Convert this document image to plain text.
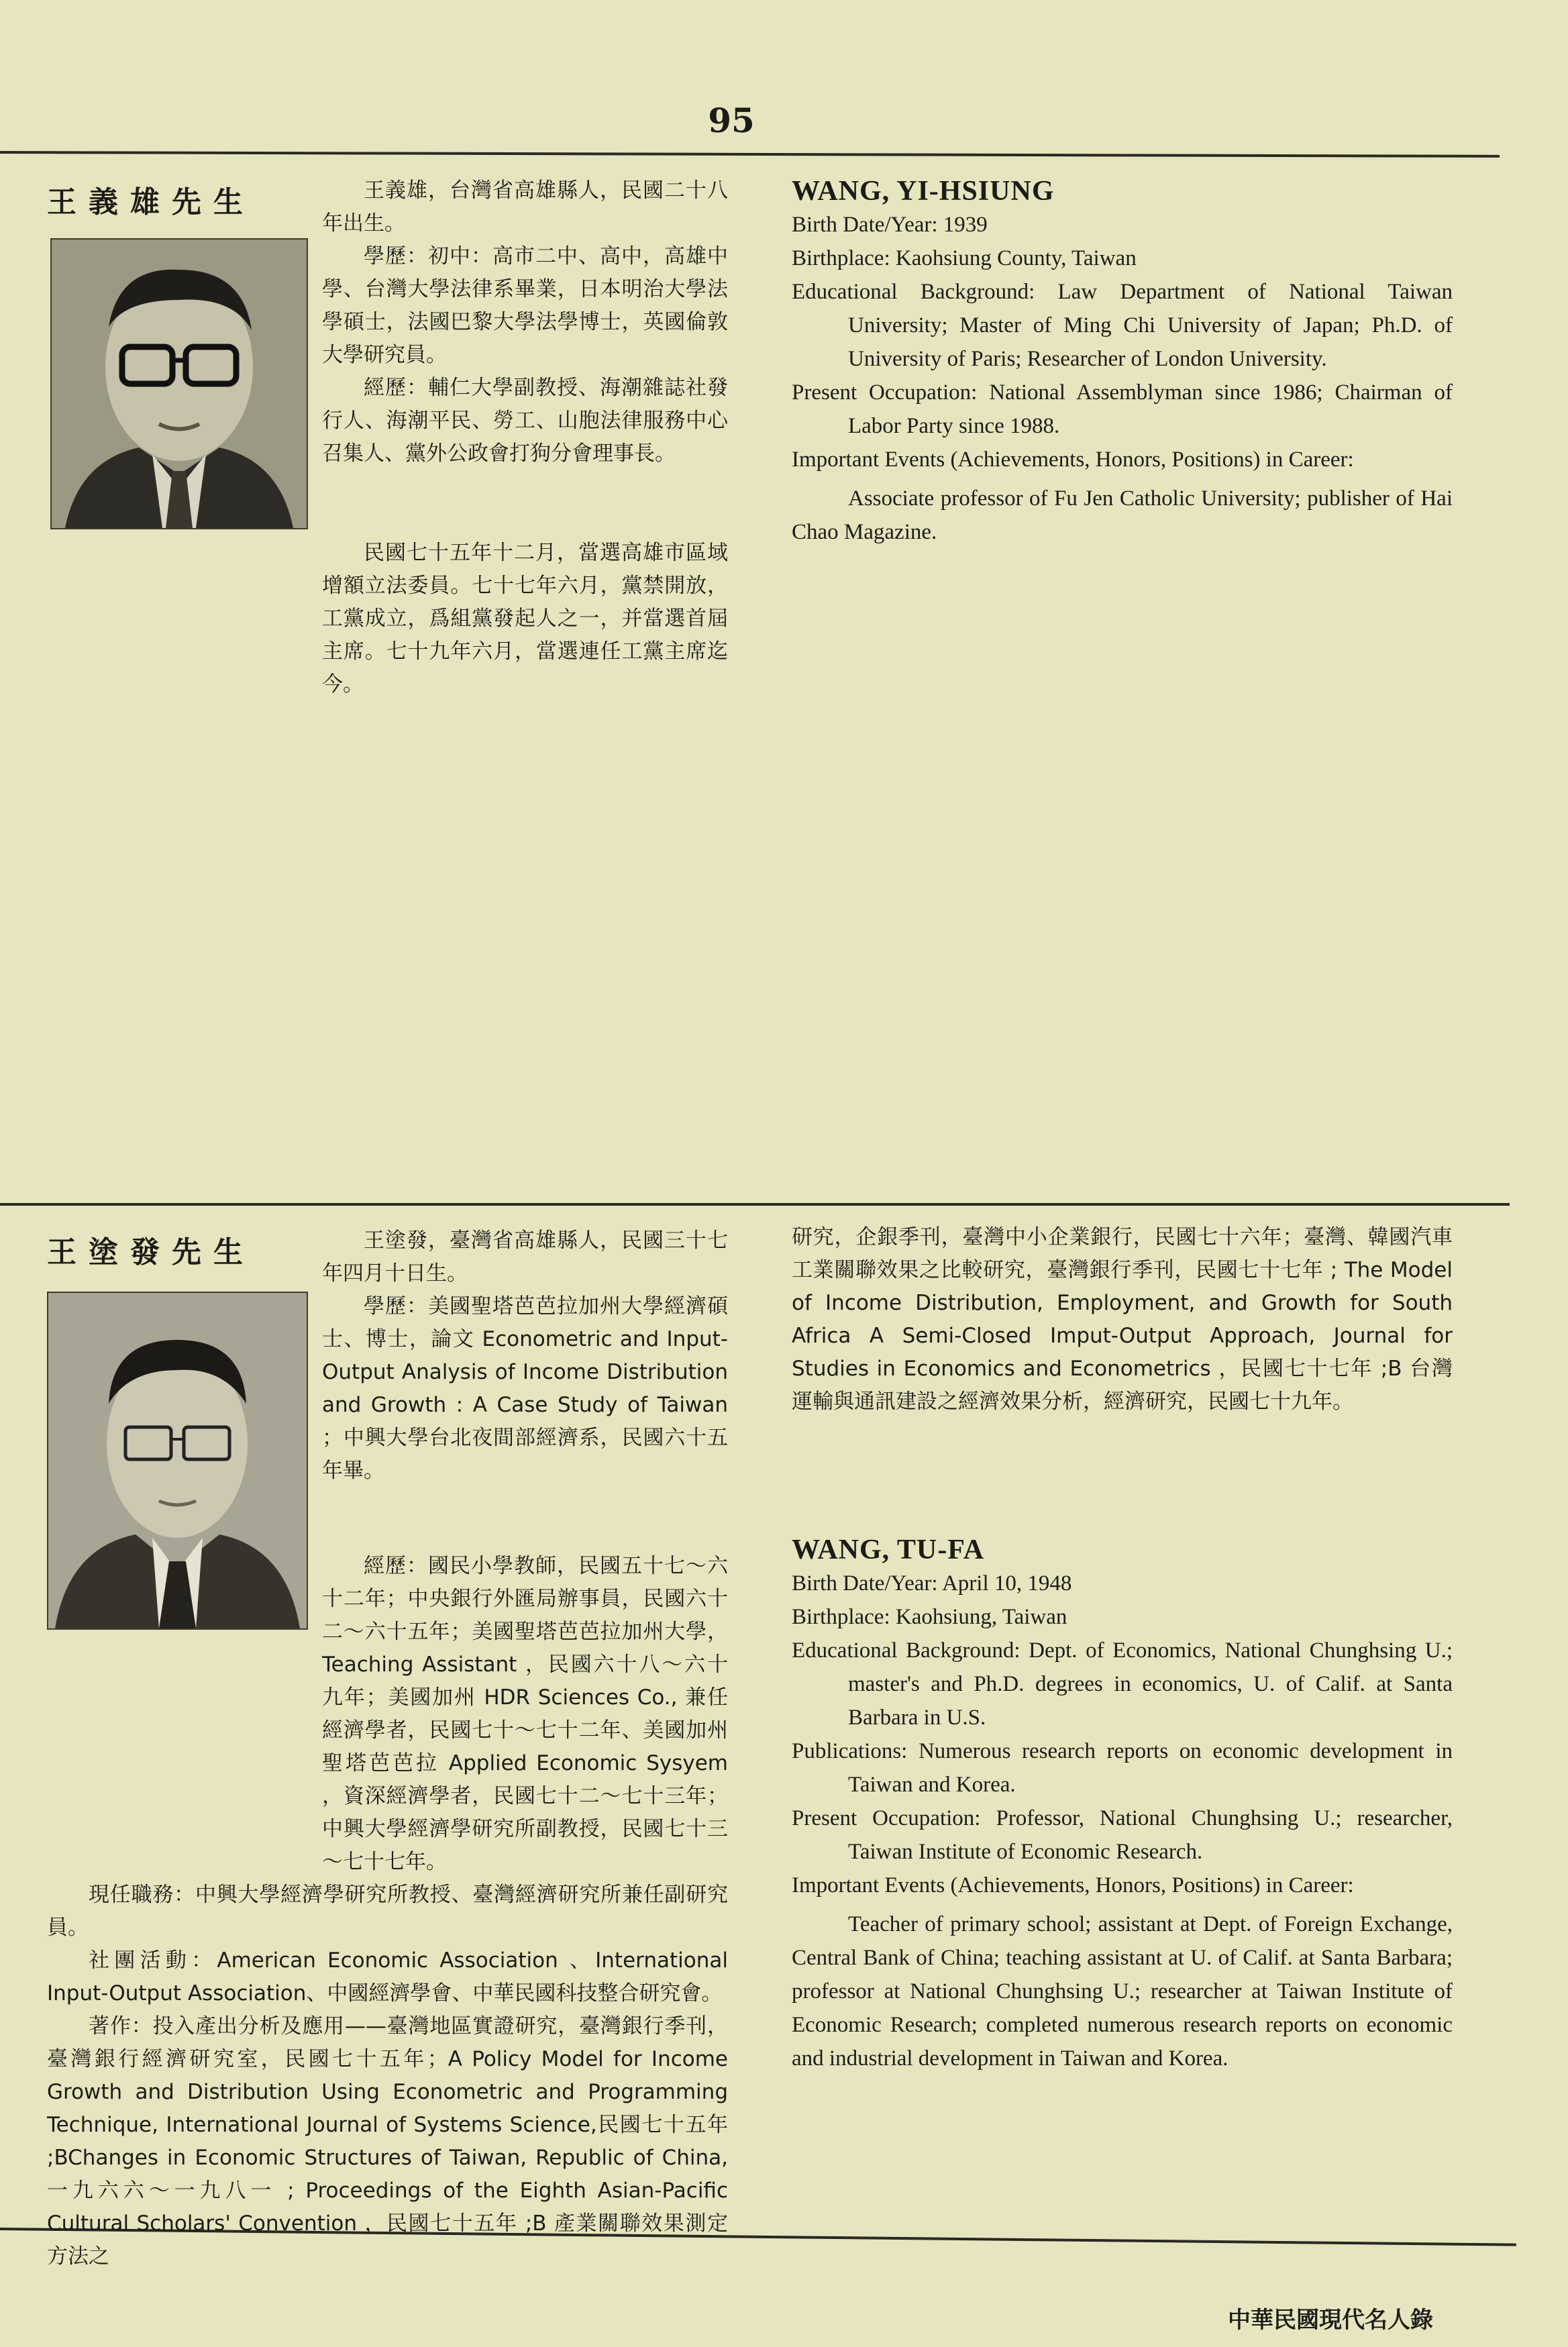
95
王義雄先生	王義雄，台灣省高雄縣人，民國二十八年出生。

學歷：初中：高市二中、高中，高雄中學、台灣大學法律系畢業，日本明治大學法學碩士，法國巴黎大學法學博士，英國倫敦大學研究員。

經歷：輔仁大學副教授、海潮雜誌社發行人、海潮平民、勞工、山胞法律服務中心召集人、黨外公政會打狗分會理事長。

民國七十五年十二月，當選高雄市區域增額立法委員。七十七年六月，黨禁開放，工黨成立，爲組黨發起人之一，并當選首屆主席。七十九年六月，當選連任工黨主席迄今。

WANG, YI-HSIUNG

Birth Date/Year: 1939

Birthplace: Kaohsiung County, Taiwan

Educational Background: Law Department of National Taiwan University; Master of Ming Chi University of Japan; Ph.D. of University of Paris; Researcher of London University.

Present Occupation: National Assemblyman since 1986; Chairman of Labor Party since 1988.

Important Events (Achievements, Honors, Positions) in Career:

Associate professor of Fu Jen Catholic University; publisher of Hai Chao Magazine.

王塗發先生	王塗發，臺灣省高雄縣人，民國三十七年四月十日生。

學歷：美國聖塔芭芭拉加州大學經濟碩士、博士，論文 Econometric and Input-Output Analysis of Income Distribution and Growth : A Case Study of Taiwan ；中興大學台北夜間部經濟系，民國六十五年畢。

經歷：國民小學教師，民國五十七～六十二年；中央銀行外匯局辦事員，民國六十二～六十五年；美國聖塔芭芭拉加州大學， Teaching Assistant ，民國六十八～六十九年；美國加州 HDR Sciences Co., 兼任經濟學者，民國七十～七十二年、美國加州聖塔芭芭拉 Applied Economic Sysyem ，資深經濟學者，民國七十二～七十三年；中興大學經濟學研究所副教授，民國七十三～七十七年。

現任職務：中興大學經濟學研究所教授、臺灣經濟研究所兼任副研究員。

社團活動：American Economic Association 、International Input-Output Association、中國經濟學會、中華民國科技整合研究會。

著作：投入產出分析及應用——臺灣地區實證研究，臺灣銀行季刊，臺灣銀行經濟研究室，民國七十五年；A Policy Model for Income Growth and Distribution Using Econometric and Programming Technique, International Journal of Systems Science,民國七十五年 ;BChanges in Economic Structures of Taiwan, Republic of China, 一九六六～一九八一 ; Proceedings of the Eighth Asian-Pacific Cultural Scholars' Convention ，民國七十五年 ;B 產業關聯效果測定方法之

研究，企銀季刊，臺灣中小企業銀行，民國七十六年；臺灣、韓國汽車工業關聯效果之比較研究，臺灣銀行季刊，民國七十七年 ; The Model of Income Distribution, Employment, and Growth for South Africa A Semi-Closed Imput-Output Approach, Journal for Studies in Economics and Econometrics ，民國七十七年 ;B 台灣運輸與通訊建設之經濟效果分析，經濟研究，民國七十九年。

WANG, TU-FA

Birth Date/Year: April 10, 1948

Birthplace: Kaohsiung, Taiwan

Educational Background: Dept. of Economics, National Chunghsing U.; master's and Ph.D. degrees in economics, U. of Calif. at Santa Barbara in U.S.

Publications: Numerous research reports on economic development in Taiwan and Korea.

Present Occupation: Professor, National Chunghsing U.; researcher, Taiwan Institute of Economic Research.

Important Events (Achievements, Honors, Positions) in Career:

Teacher of primary school; assistant at Dept. of Foreign Exchange, Central Bank of China; teaching assistant at U. of Calif. at Santa Barbara; professor at National Chunghsing U.; researcher at Taiwan Institute of Economic Research; completed numerous research reports on economic and industrial development in Taiwan and Korea.

中華民國現代名人錄
